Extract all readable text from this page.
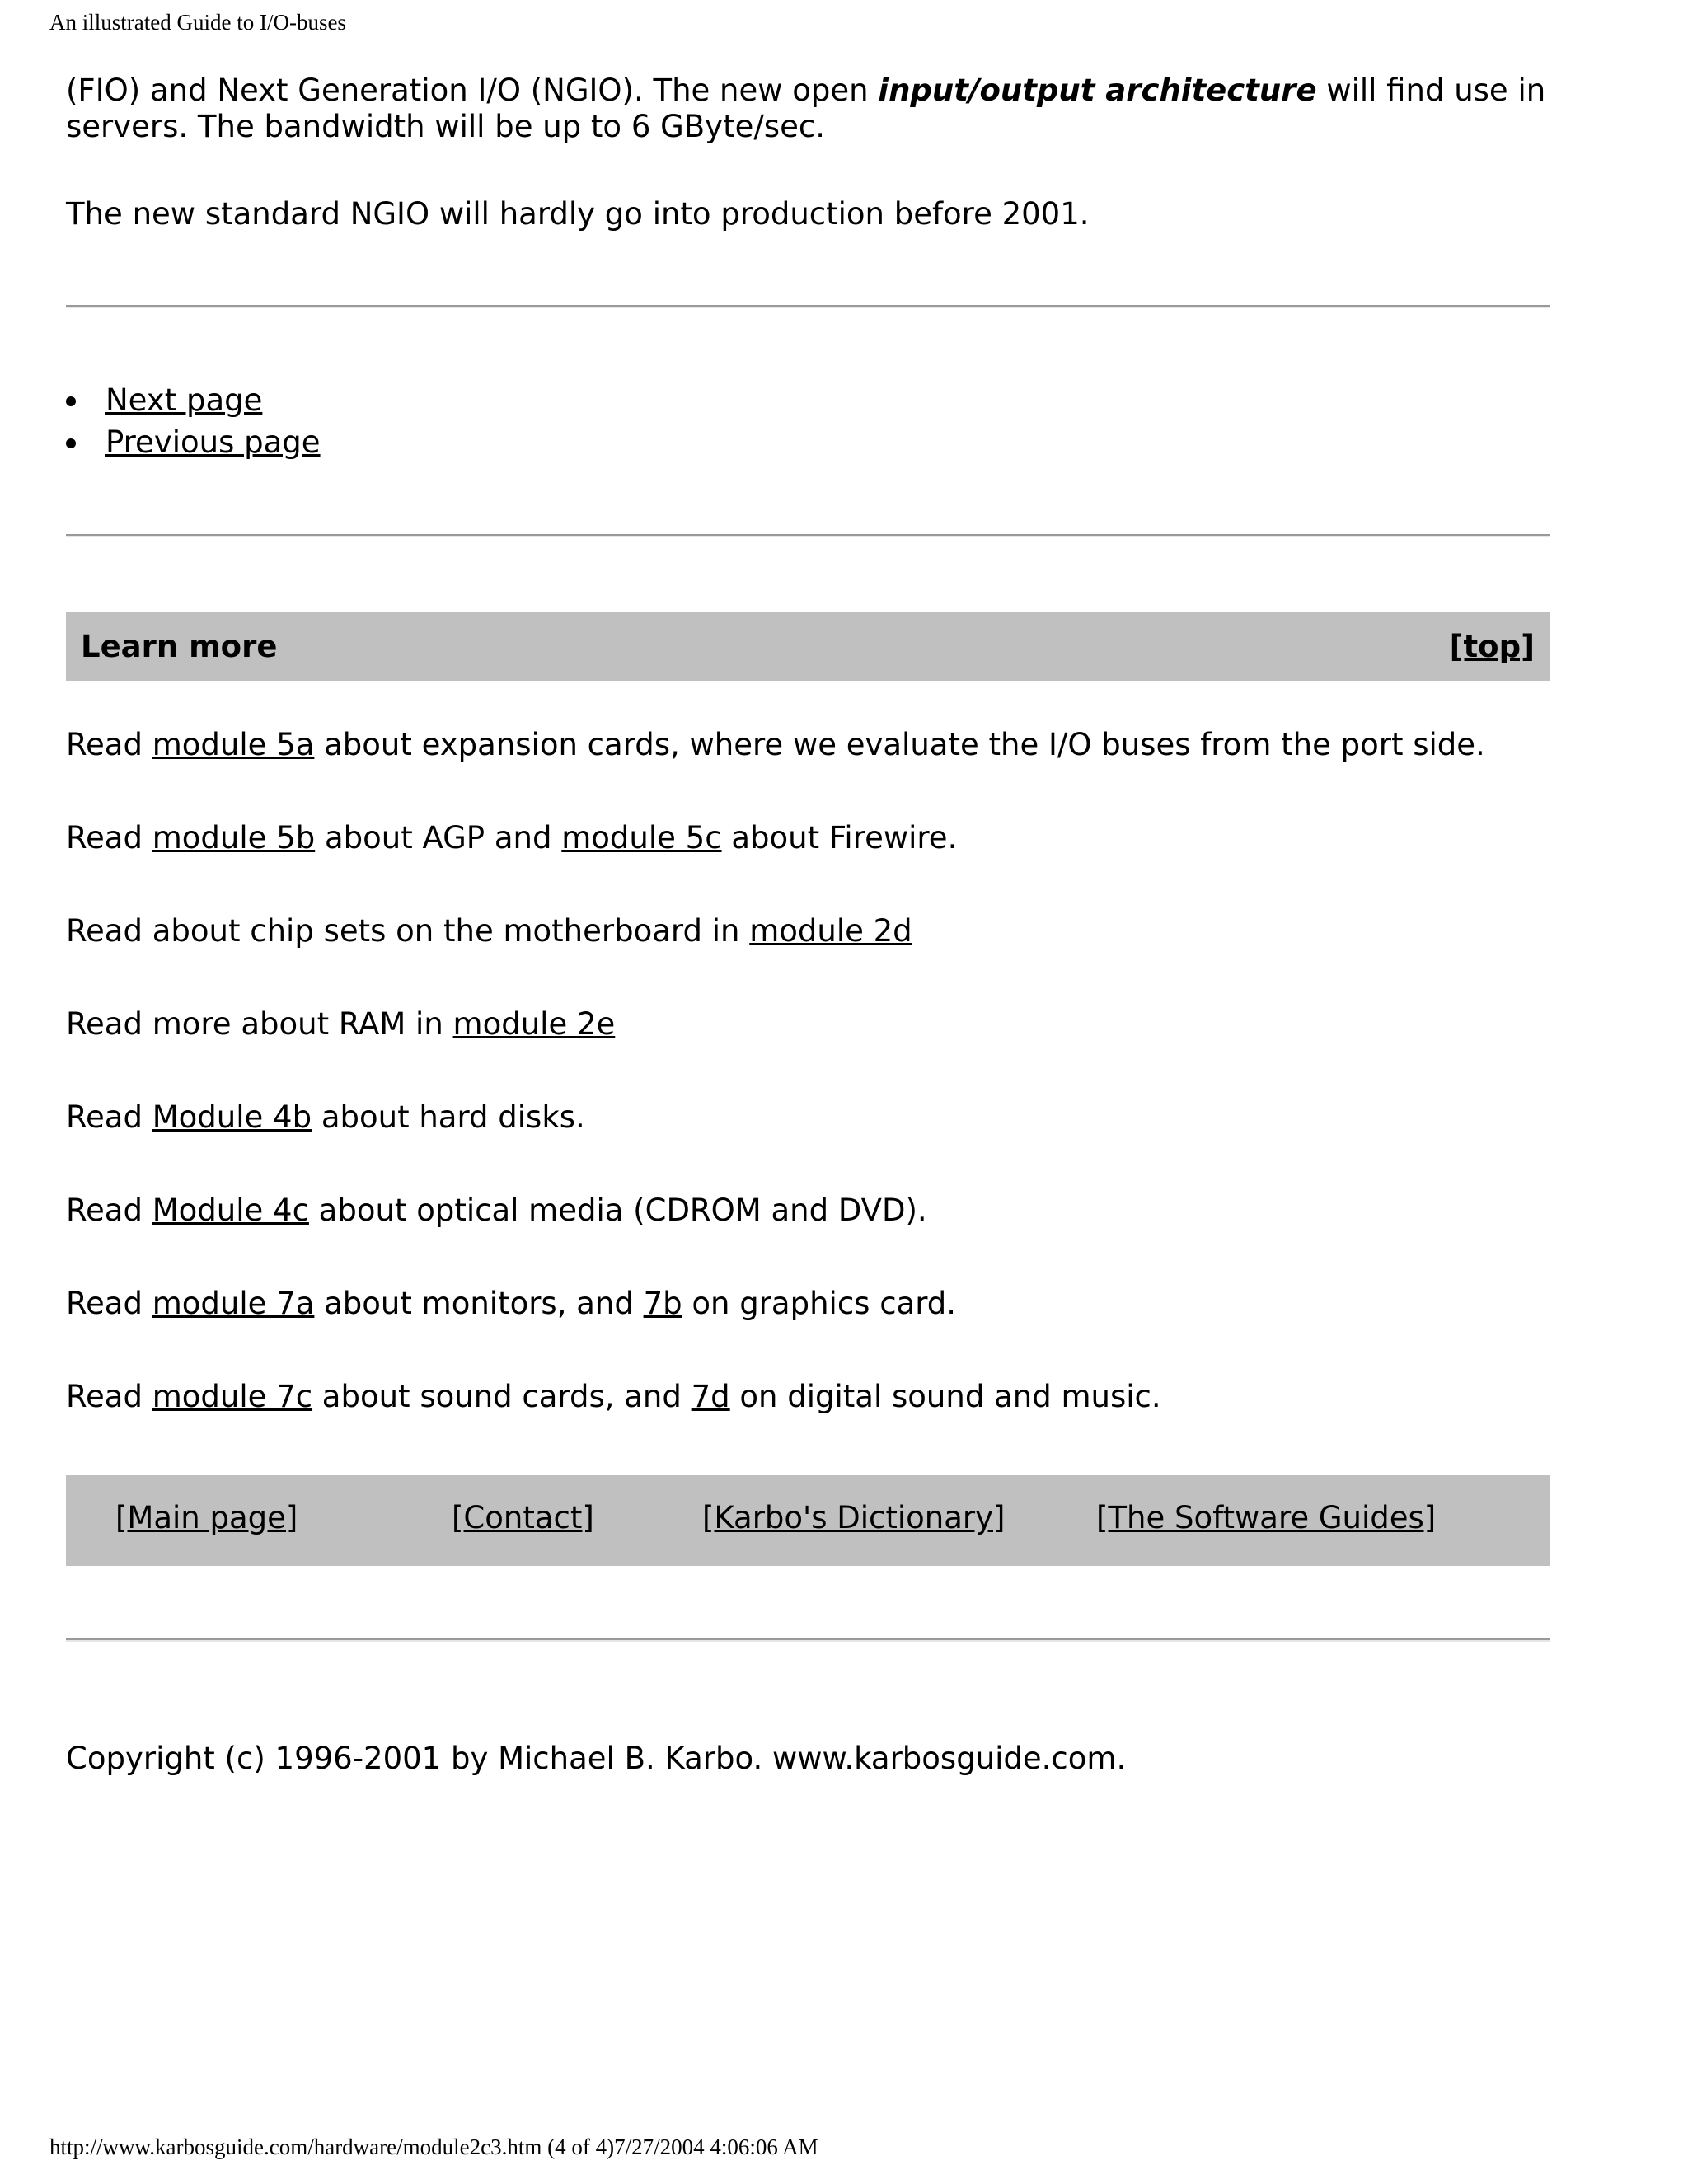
An illustrated Guide to I/O-buses

(FIO) and Next Generation I/O (NGIO). The new open input/output architecture will find use in
servers. The bandwidth will be up to 6 GByte/sec.

The new standard NGIO will hardly go into production before 2001.

Next page
Previous page
Learn more	[top]
Read module 5a about expansion cards, where we evaluate the I/O buses from the port side.
Read module 5b about AGP and module 5c about Firewire.
Read about chip sets on the motherboard in module 2d
Read more about RAM in module 2e
Read Module 4b about hard disks.
Read Module 4c about optical media (CDROM and DVD).
Read module 7a about monitors, and 7b on graphics card.
Read module 7c about sound cards, and 7d on digital sound and music.
[Main page]	[Contact]	[Karbo's Dictionary]	[The Software Guides]
Copyright (c) 1996-2001 by Michael B. Karbo. www.karbosguide.com.
http://www.karbosguide.com/hardware/module2c3.htm (4 of 4)7/27/2004 4:06:06 AM
